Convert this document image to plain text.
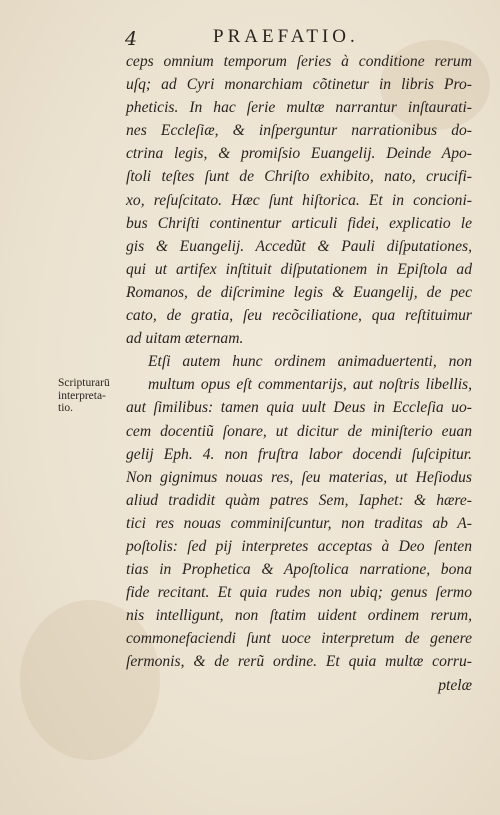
4	PRAEFATIO.
Scripturarū
interpreta-
tio.
ceps omnium temporum ſeries à conditione rerum
uſq; ad Cyri monarchiam cõtinetur in libris Pro-
pheticis. In hac ſerie multæ narrantur inſtaurati-
nes Eccleſiæ, & inſperguntur narrationibus do-
ctrina legis, & promiſsio Euangelij. Deinde Apo-
ſtoli teſtes ſunt de Chriſto exhibito, nato, crucifi-
xo, reſuſcitato. Hæc ſunt hiſtorica. Et in concioni-
bus Chriſti continentur articuli fidei, explicatio le
gis & Euangelij. Accedũt & Pauli diſputationes,
qui ut artifex inſtituit diſputationem in Epiſtola ad
Romanos, de diſcrimine legis & Euangelij, de pec
cato, de gratia, ſeu recõciliatione, qua reſtituimur
ad uitam æternam.
Etſi autem hunc ordinem animaduertenti, non
multum opus eſt commentarijs, aut noſtris libellis,
aut ſimilibus: tamen quia uult Deus in Eccleſia uo-
cem docentiũ ſonare, ut dicitur de miniſterio euan
gelij Eph. 4. non fruſtra labor docendi ſuſcipitur.
Non gignimus nouas res, ſeu materias, ut Heſiodus
aliud tradidit quàm patres Sem, Iaphet: & hære-
tici res nouas comminiſcuntur, non traditas ab A-
poſtolis: ſed pij interpretes acceptas à Deo ſenten
tias in Prophetica & Apoſtolica narratione, bona
fide recitant. Et quia rudes non ubiq; genus ſermo
nis intelligunt, non ſtatim uident ordinem rerum,
commonefaciendi ſunt uoce interpretum de genere
ſermonis, & de rerũ ordine. Et quia multæ corru-
ptelæ
